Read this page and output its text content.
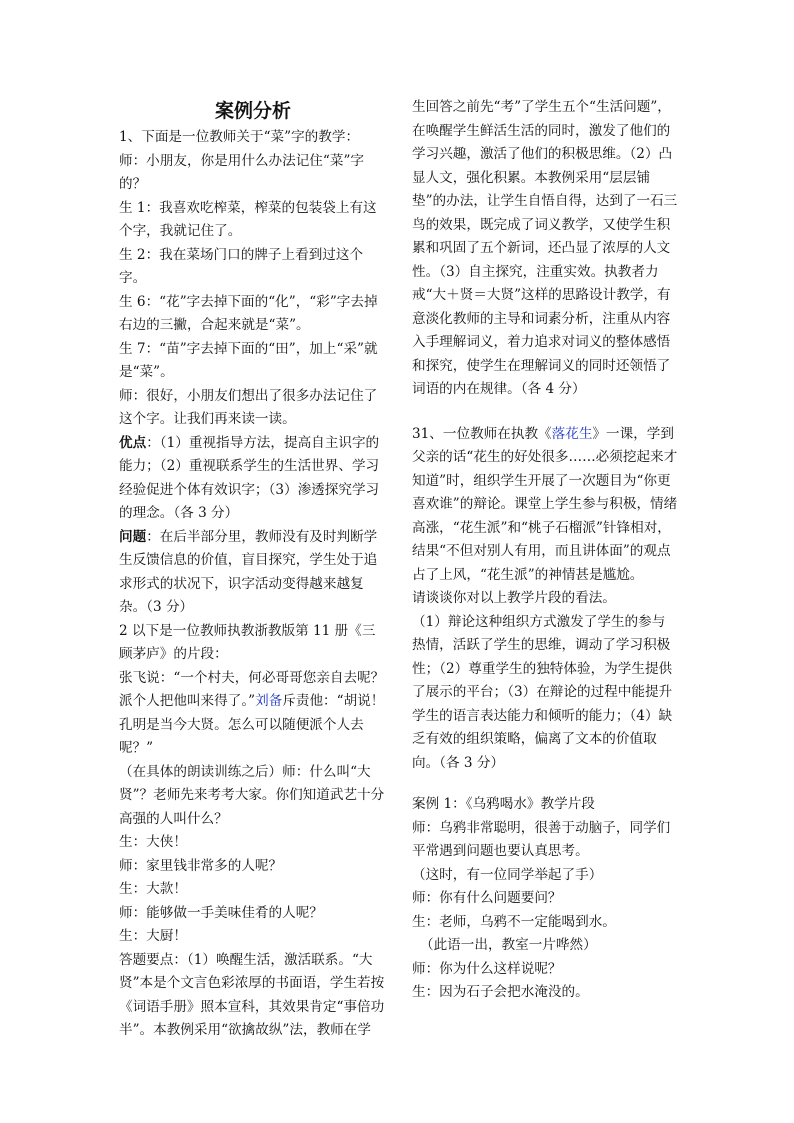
案例分析

1、下面是一位教师关于“菜”字的教学：

师：小朋友，你是用什么办法记住“菜”字的？

生 1：我喜欢吃榨菜，榨菜的包装袋上有这个字，我就记住了。

生 2：我在菜场门口的牌子上看到过这个字。

生 6：“花”字去掉下面的“化”，“彩”字去掉右边的三撇，合起来就是“菜”。

生 7：“苗”字去掉下面的“田”，加上“采”就是“菜”。

师：很好，小朋友们想出了很多办法记住了这个字。让我们再来读一读。

优点：（1）重视指导方法，提高自主识字的能力；（2）重视联系学生的生活世界、学习经验促进个体有效识字；（3）渗透探究学习的理念。（各 3 分）

问题：在后半部分里，教师没有及时判断学生反馈信息的价值，盲目探究，学生处于追求形式的状况下，识字活动变得越来越复杂。（3 分）

2 以下是一位教师执教浙教版第 11 册《三顾茅庐》的片段：

张飞说：“一个村夫，何必哥哥您亲自去呢？派个人把他叫来得了。”刘备斥责他：“胡说！孔明是当今大贤。怎么可以随便派个人去呢？”

（在具体的朗读训练之后）师：什么叫“大贤”？老师先来考考大家。你们知道武艺十分高强的人叫什么？

生：大侠！

师：家里钱非常多的人呢？

生：大款！

师：能够做一手美味佳肴的人呢？

生：大厨！

答题要点：（1）唤醒生活，激活联系。“大贤”本是个文言色彩浓厚的书面语，学生若按《词语手册》照本宣科，其效果肯定“事倍功半”。本教例采用“欲擒故纵”法，教师在学

生回答之前先“考”了学生五个“生活问题”，在唤醒学生鲜活生活的同时，激发了他们的学习兴趣，激活了他们的积极思维。（2）凸显人文，强化积累。本教例采用“层层铺垫”的办法，让学生自悟自得，达到了一石三鸟的效果，既完成了词义教学，又使学生积累和巩固了五个新词，还凸显了浓厚的人文性。（3）自主探究，注重实效。执教者力戒“大＋贤＝大贤”这样的思路设计教学，有意淡化教师的主导和词素分析，注重从内容入手理解词义，着力追求对词义的整体感悟和探究，使学生在理解词义的同时还领悟了词语的内在规律。（各 4 分）

31、一位教师在执教《落花生》一课，学到父亲的话“花生的好处很多……必须挖起来才知道”时，组织学生开展了一次题目为“你更喜欢谁”的辩论。课堂上学生参与积极，情绪高涨，“花生派”和“桃子石榴派”针锋相对，结果“不但对别人有用，而且讲体面”的观点占了上风，“花生派”的神情甚是尴尬。

请谈谈你对以上教学片段的看法。

（1）辩论这种组织方式激发了学生的参与热情，活跃了学生的思维，调动了学习积极性；（2）尊重学生的独特体验，为学生提供了展示的平台；（3）在辩论的过程中能提升学生的语言表达能力和倾听的能力；（4）缺乏有效的组织策略，偏离了文本的价值取向。（各 3 分）

案例 1：《乌鸦喝水》教学片段

师：乌鸦非常聪明，很善于动脑子，同学们平常遇到问题也要认真思考。

（这时，有一位同学举起了手）

师：你有什么问题要问？

生：老师，乌鸦不一定能喝到水。

（此语一出，教室一片哗然）

师：你为什么这样说呢？

生：因为石子会把水淹没的。
